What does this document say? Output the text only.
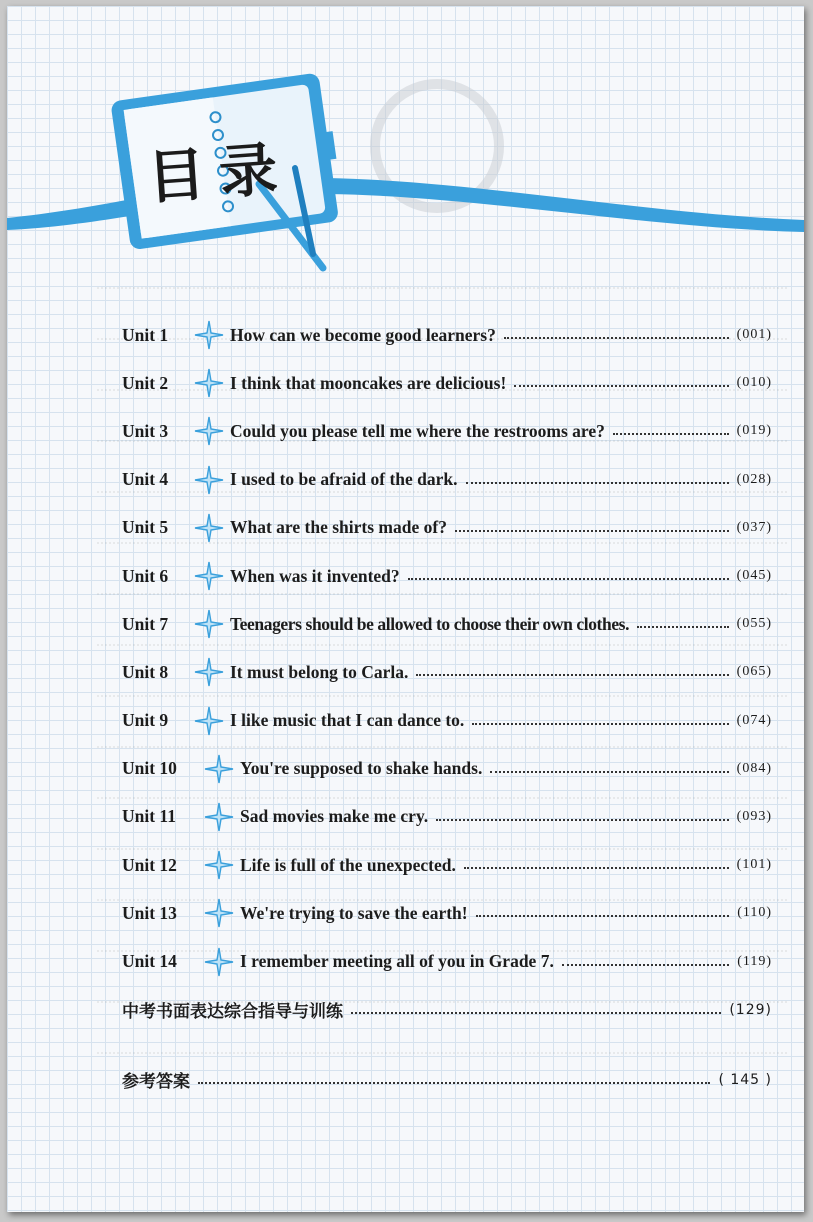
目录
Unit 1	How can we become good learners?	(001)
Unit 2	I think that mooncakes are delicious!	(010)
Unit 3	Could you please tell me where the restrooms are?	(019)
Unit 4	I used to be afraid of the dark.	(028)
Unit 5	What are the shirts made of?	(037)
Unit 6	When was it invented?	(045)
Unit 7	Teenagers should be allowed to choose their own clothes.	(055)
Unit 8	It must belong to Carla.	(065)
Unit 9	I like music that I can dance to.	(074)
Unit 10	You're supposed to shake hands.	(084)
Unit 11	Sad movies make me cry.	(093)
Unit 12	Life is full of the unexpected.	(101)
Unit 13	We're trying to save the earth!	(110)
Unit 14	I remember meeting all of you in Grade 7.	(119)
中考书面表达综合指导与训练	(129)
参考答案	( 145 )
